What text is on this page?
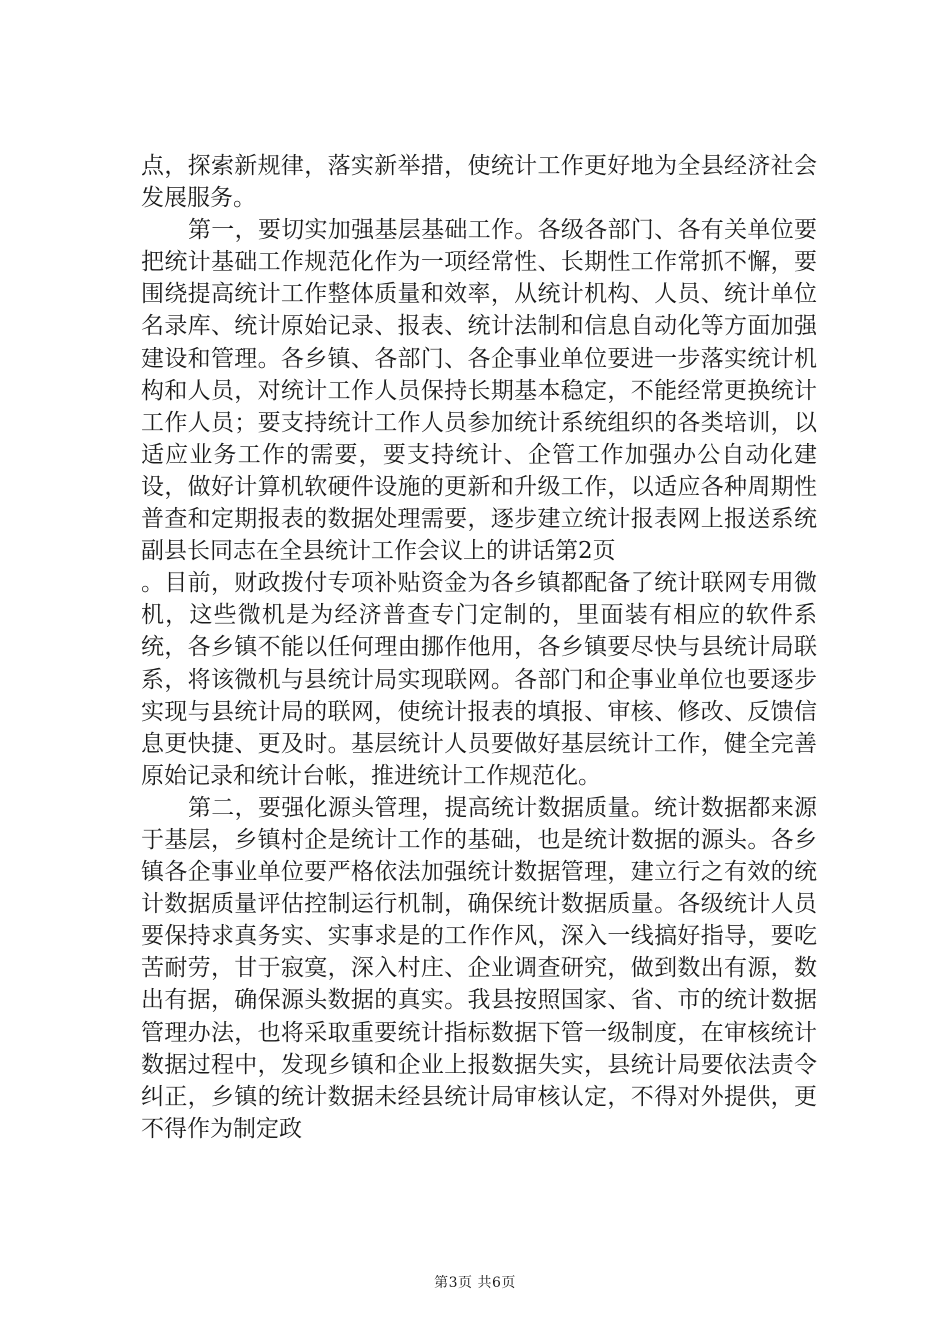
点，探索新规律，落实新举措，使统计工作更好地为全县经济社会发展服务。

第一，要切实加强基层基础工作。各级各部门、各有关单位要把统计基础工作规范化作为一项经常性、长期性工作常抓不懈，要围绕提高统计工作整体质量和效率，从统计机构、人员、统计单位名录库、统计原始记录、报表、统计法制和信息自动化等方面加强建设和管理。各乡镇、各部门、各企事业单位要进一步落实统计机构和人员，对统计工作人员保持长期基本稳定，不能经常更换统计工作人员；要支持统计工作人员参加统计系统组织的各类培训，以适应业务工作的需要，要支持统计、企管工作加强办公自动化建设，做好计算机软硬件设施的更新和升级工作，以适应各种周期性普查和定期报表的数据处理需要，逐步建立统计报表网上报送系统副县长同志在全县统计工作会议上的讲话第2页

。目前，财政拨付专项补贴资金为各乡镇都配备了统计联网专用微机，这些微机是为经济普查专门定制的，里面装有相应的软件系统，各乡镇不能以任何理由挪作他用，各乡镇要尽快与县统计局联系，将该微机与县统计局实现联网。各部门和企事业单位也要逐步实现与县统计局的联网，使统计报表的填报、审核、修改、反馈信息更快捷、更及时。基层统计人员要做好基层统计工作，健全完善原始记录和统计台帐，推进统计工作规范化。

第二，要强化源头管理，提高统计数据质量。统计数据都来源于基层，乡镇村企是统计工作的基础，也是统计数据的源头。各乡镇各企事业单位要严格依法加强统计数据管理，建立行之有效的统计数据质量评估控制运行机制，确保统计数据质量。各级统计人员要保持求真务实、实事求是的工作作风，深入一线搞好指导，要吃苦耐劳，甘于寂寞，深入村庄、企业调查研究，做到数出有源，数出有据，确保源头数据的真实。我县按照国家、省、市的统计数据管理办法，也将采取重要统计指标数据下管一级制度，在审核统计数据过程中，发现乡镇和企业上报数据失实，县统计局要依法责令纠正，乡镇的统计数据未经县统计局审核认定，不得对外提供，更不得作为制定政

第3页 共6页
